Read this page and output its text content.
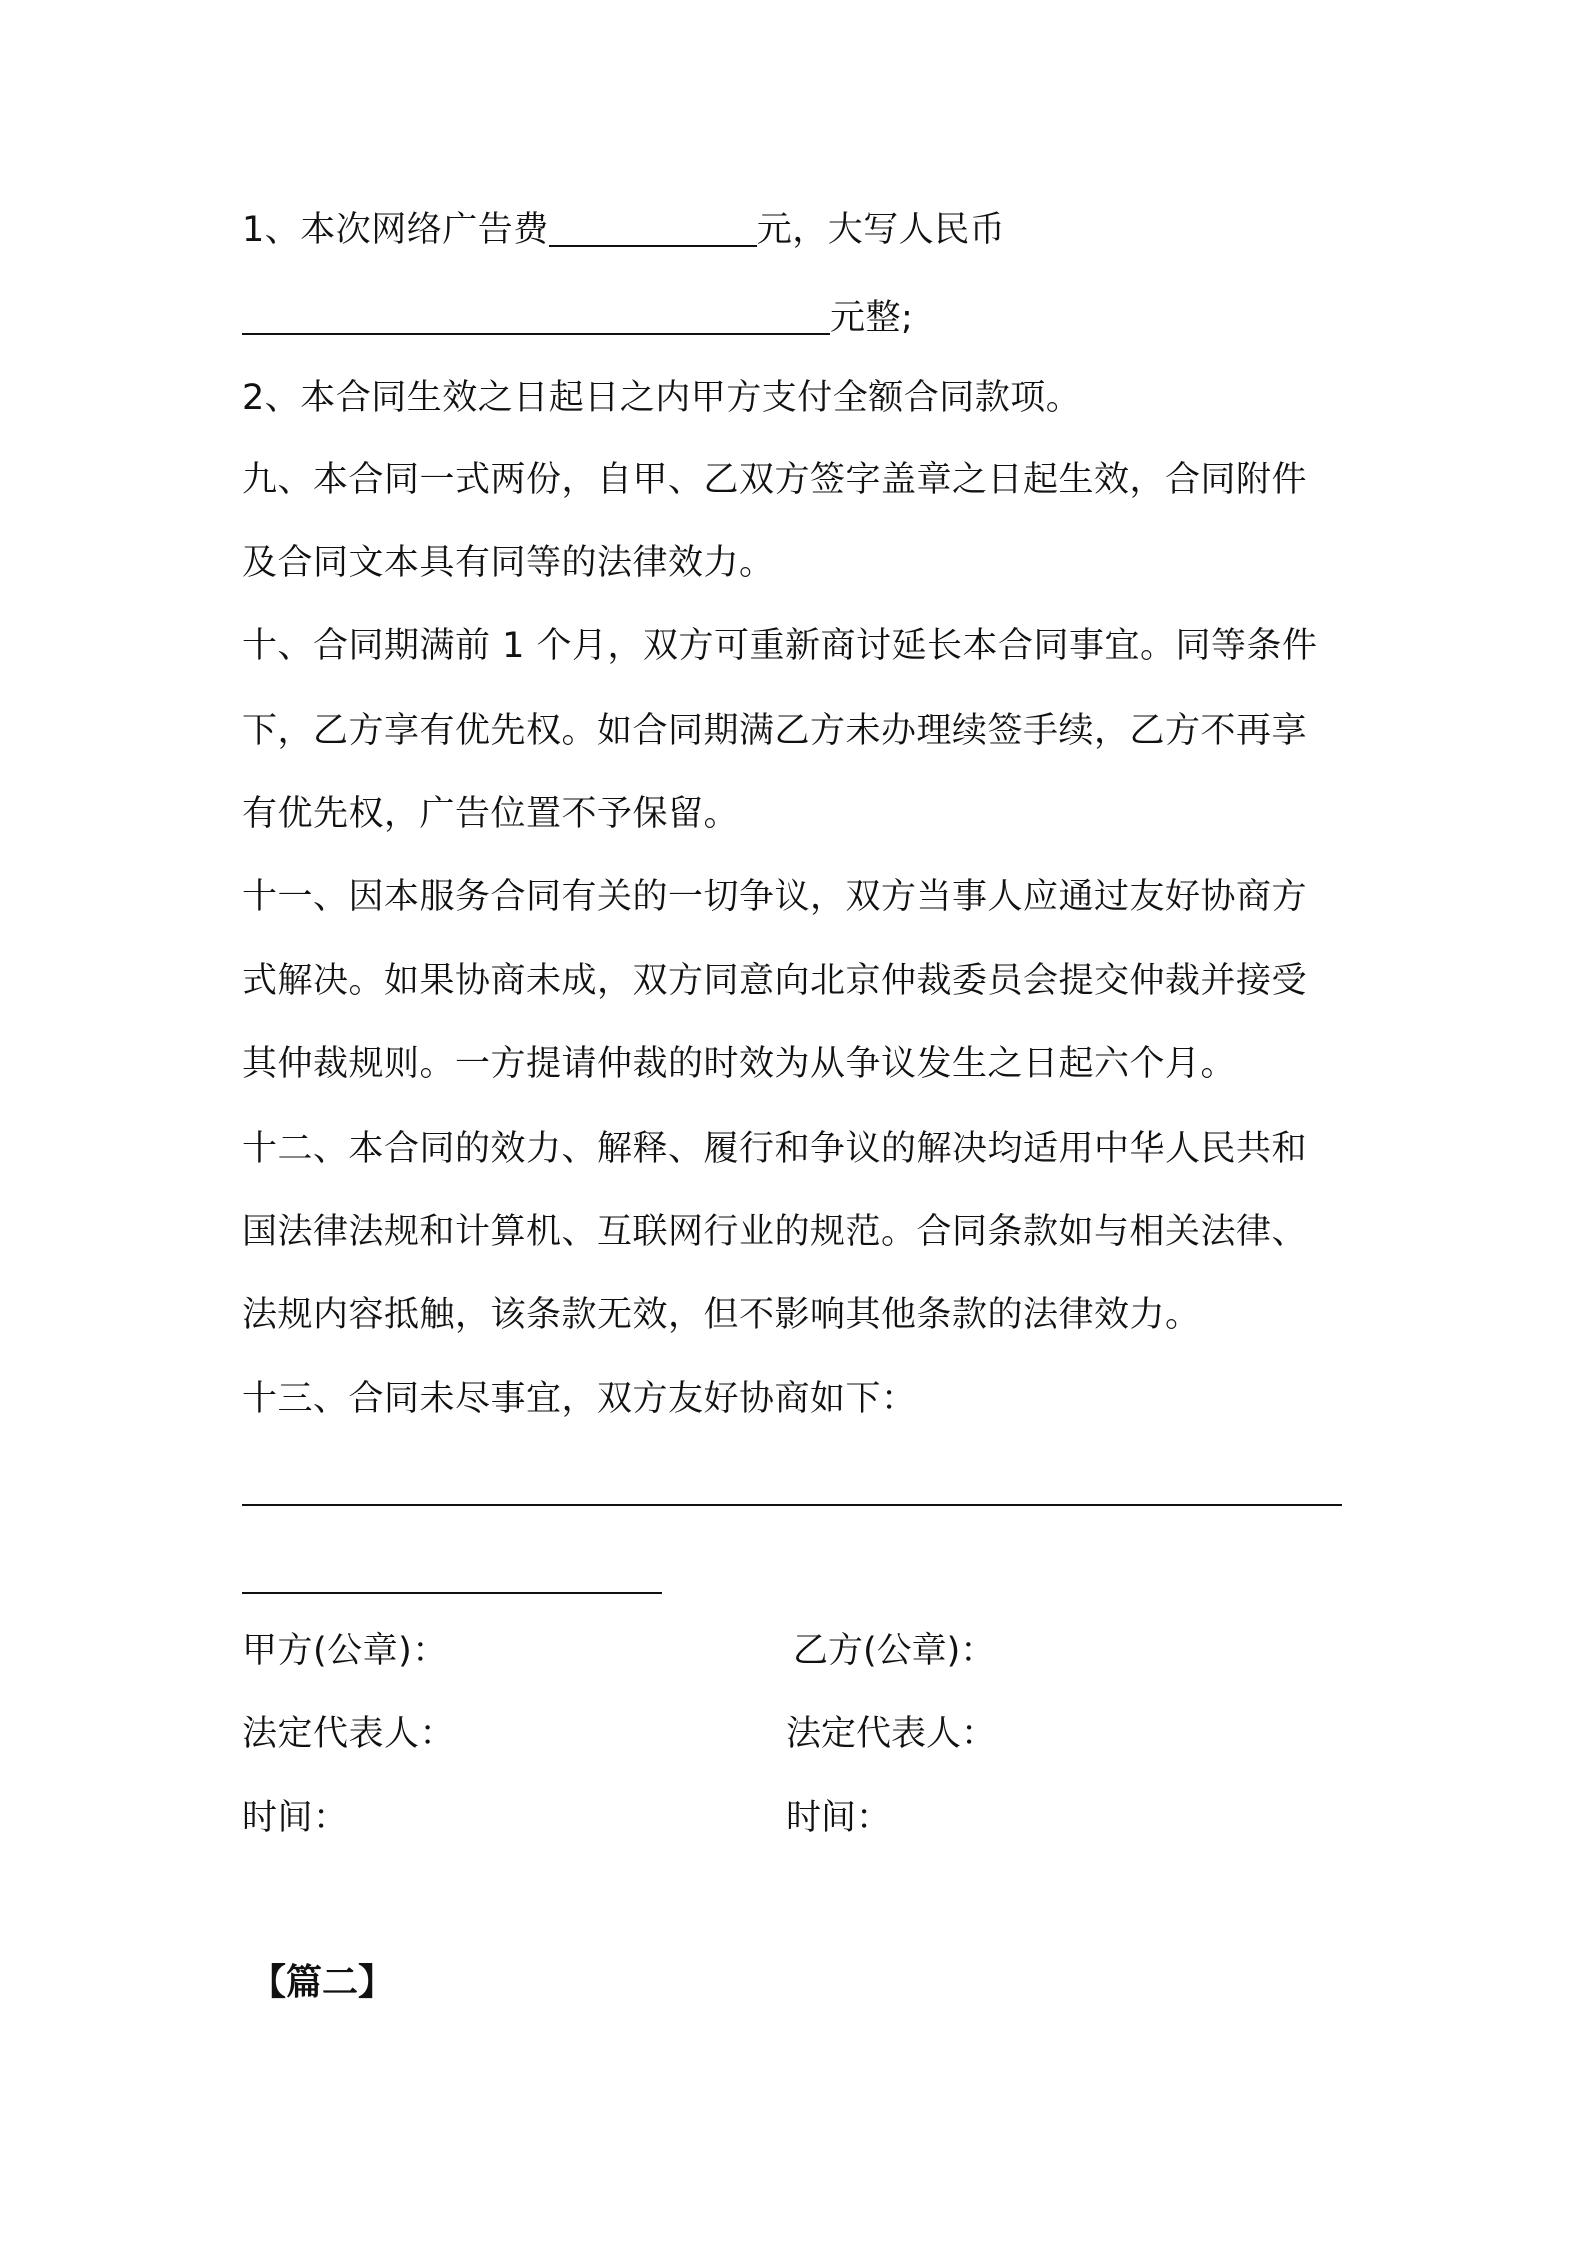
1、本次网络广告费	元，大写人民币
元整;
2、本合同生效之日起日之内甲方支付全额合同款项。
九、本合同一式两份，自甲、乙双方签字盖章之日起生效，合同附件
及合同文本具有同等的法律效力。
十、合同期满前 1 个月，双方可重新商讨延长本合同事宜。同等条件
下，乙方享有优先权。如合同期满乙方未办理续签手续，乙方不再享
有优先权，广告位置不予保留。
十一、因本服务合同有关的一切争议，双方当事人应通过友好协商方
式解决。如果协商未成，双方同意向北京仲裁委员会提交仲裁并接受
其仲裁规则。一方提请仲裁的时效为从争议发生之日起六个月。
十二、本合同的效力、解释、履行和争议的解决均适用中华人民共和
国法律法规和计算机、互联网行业的规范。合同条款如与相关法律、
法规内容抵触，该条款无效，但不影响其他条款的法律效力。
十三、合同未尽事宜，双方友好协商如下：
甲方(公章)：	乙方(公章)：
法定代表人：	法定代表人：
时间：	时间：
【篇二】
